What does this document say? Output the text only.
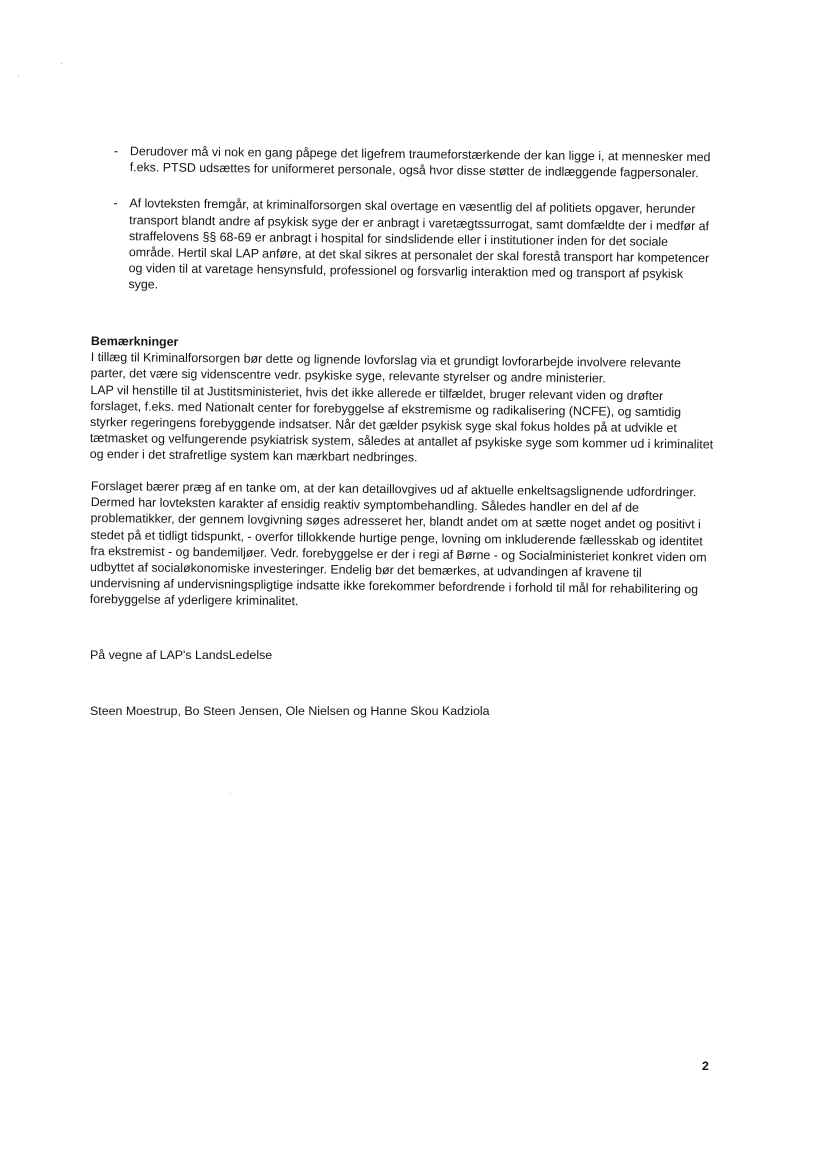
- Derudover må vi nok en gang påpege det ligefrem traumeforstærkende der kan ligge i, at mennesker med f.eks. PTSD udsættes for uniformeret personale, også hvor disse støtter de indlæggende fagpersonaler.
- Af lovteksten fremgår, at kriminalforsorgen skal overtage en væsentlig del af politiets opgaver, herunder transport blandt andre af psykisk syge der er anbragt i varetægtssurrogat, samt domfældte der i medfør af straffelovens §§ 68-69 er anbragt i hospital for sindslidende eller i institutioner inden for det sociale område. Hertil skal LAP anføre, at det skal sikres at personalet der skal forestå transport har kompetencer og viden til at varetage hensynsfuld, professionel og forsvarlig interaktion med og transport af psykisk syge.
Bemærkninger

I tillæg til Kriminalforsorgen bør dette og lignende lovforslag via et grundigt lovforarbejde involvere relevante parter, det være sig videnscentre vedr. psykiske syge, relevante styrelser og andre ministerier.

LAP vil henstille til at Justitsministeriet, hvis det ikke allerede er tilfældet, bruger relevant viden og drøfter forslaget, f.eks. med Nationalt center for forebyggelse af ekstremisme og radikalisering (NCFE), og samtidig styrker regeringens forebyggende indsatser. Når det gælder psykisk syge skal fokus holdes på at udvikle et tætmasket og velfungerende psykiatrisk system, således at antallet af psykiske syge som kommer ud i kriminalitet og ender i det strafretlige system kan mærkbart nedbringes.

Forslaget bærer præg af en tanke om, at der kan detaillovgives ud af aktuelle enkeltsagslignende udfordringer. Dermed har lovteksten karakter af ensidig reaktiv symptombehandling. Således handler en del af de problematikker, der gennem lovgivning søges adresseret her, blandt andet om at sætte noget andet og positivt i stedet på et tidligt tidspunkt, - overfor tillokkende hurtige penge, lovning om inkluderende fællesskab og identitet fra ekstremist - og bandemiljøer. Vedr. forebyggelse er der i regi af Børne - og Socialministeriet konkret viden om udbyttet af socialøkonomiske investeringer. Endelig bør det bemærkes, at udvandingen af kravene til undervisning af undervisningspligtige indsatte ikke forekommer befordrende i forhold til mål for rehabilitering og forebyggelse af yderligere kriminalitet.

På vegne af LAP's LandsLedelse
Steen Moestrup, Bo Steen Jensen, Ole Nielsen og Hanne Skou Kadziola
2
